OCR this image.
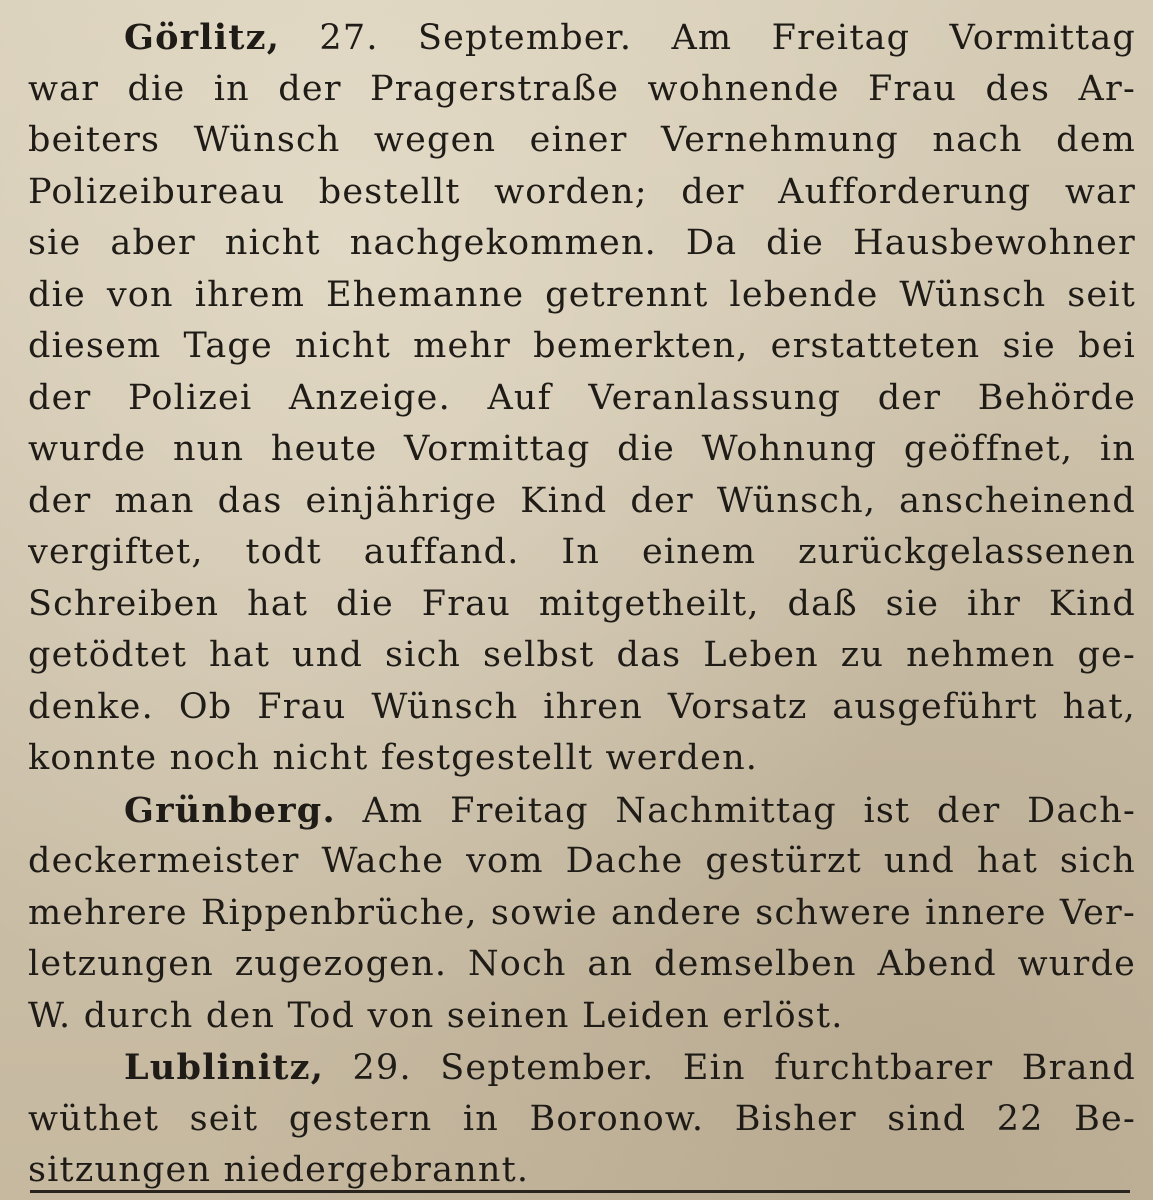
Görlitz, 27. September. Am Freitag Vormittag
war die in der Pragerstraße wohnende Frau des Ar-
beiters Wünsch wegen einer Vernehmung nach dem
Polizeibureau bestellt worden; der Aufforderung war
sie aber nicht nachgekommen. Da die Hausbewohner
die von ihrem Ehemanne getrennt lebende Wünsch seit
diesem Tage nicht mehr bemerkten, erstatteten sie bei
der Polizei Anzeige. Auf Veranlassung der Behörde
wurde nun heute Vormittag die Wohnung geöffnet, in
der man das einjährige Kind der Wünsch, anscheinend
vergiftet, todt auffand. In einem zurückgelassenen
Schreiben hat die Frau mitgetheilt, daß sie ihr Kind
getödtet hat und sich selbst das Leben zu nehmen ge-
denke. Ob Frau Wünsch ihren Vorsatz ausgeführt hat,
konnte noch nicht festgestellt werden.
Grünberg. Am Freitag Nachmittag ist der Dach-
deckermeister Wache vom Dache gestürzt und hat sich
mehrere Rippenbrüche, sowie andere schwere innere Ver-
letzungen zugezogen. Noch an demselben Abend wurde
W. durch den Tod von seinen Leiden erlöst.
Lublinitz, 29. September. Ein furchtbarer Brand
wüthet seit gestern in Boronow. Bisher sind 22 Be-
sitzungen niedergebrannt.
